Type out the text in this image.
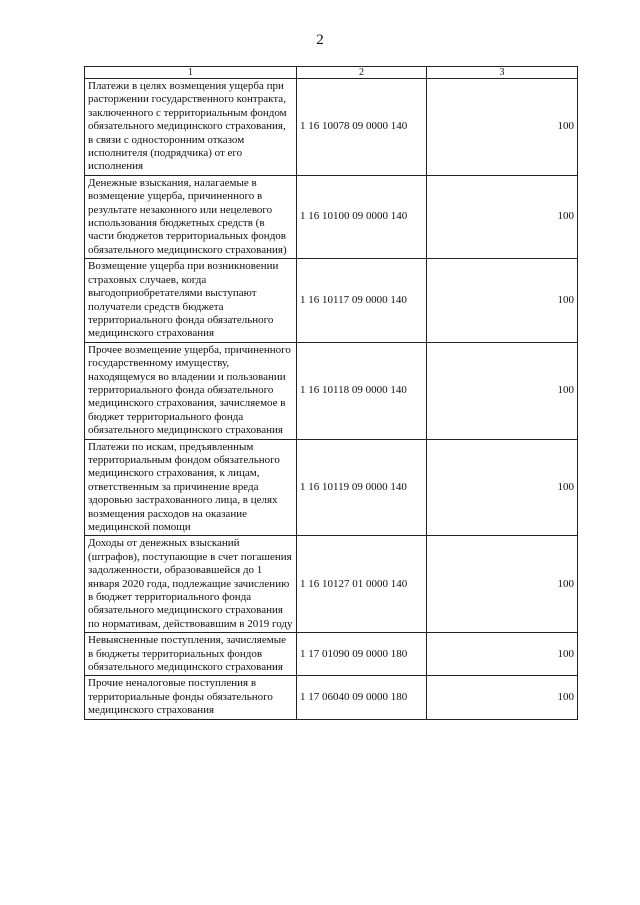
2
1	2	3
Платежи в целях возмещения ущерба при расторжении государственного контракта, заключенного с территориальным фондом обязательного медицинского страхования, в связи с односторонним отказом исполнителя (подрядчика) от его исполнения	1 16 10078 09 0000 140	100
Денежные взыскания, налагаемые в возмещение ущерба, причиненного в результате незаконного или нецелевого использования бюджетных средств (в части бюджетов территориальных фондов обязательного медицинского страхования)	1 16 10100 09 0000 140	100
Возмещение ущерба при возникновении страховых случаев, когда выгодоприобретателями выступают получатели средств бюджета территориального фонда обязательного медицинского страхования	1 16 10117 09 0000 140	100
Прочее возмещение ущерба, причиненного государственному имуществу, находящемуся во владении и пользовании территориального фонда обязательного медицинского страхования, зачисляемое в бюджет территориального фонда обязательного медицинского страхования	1 16 10118 09 0000 140	100
Платежи по искам, предъявленным территориальным фондом обязательного медицинского страхования, к лицам, ответственным за причинение вреда здоровью застрахованного лица, в целях возмещения расходов на оказание медицинской помощи	1 16 10119 09 0000 140	100
Доходы от денежных взысканий (штрафов), поступающие в счет погашения задолженности, образовавшейся до 1 января 2020 года, подлежащие зачислению в бюджет территориального фонда обязательного медицинского страхования по нормативам, действовавшим в 2019 году	1 16 10127 01 0000 140	100
Невыясненные поступления, зачисляемые в бюджеты территориальных фондов обязательного медицинского страхования	1 17 01090 09 0000 180	100
Прочие неналоговые поступления в территориальные фонды обязательного медицинского страхования	1 17 06040 09 0000 180	100
